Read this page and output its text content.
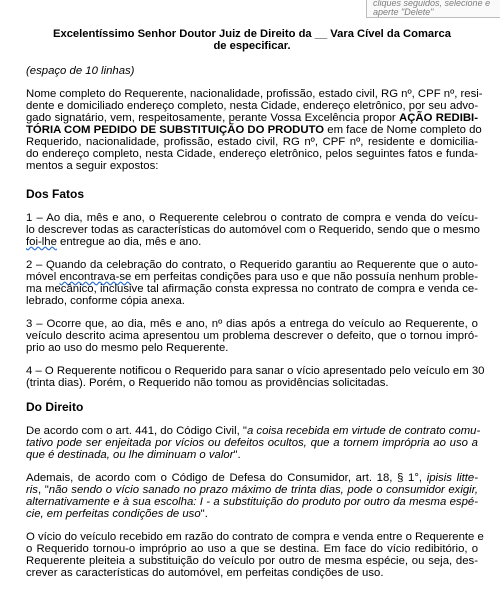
cliques seguidos, selecione e
aperte "Delete"
Excelentíssimo Senhor Doutor Juiz de Direito da __ Vara Cível da Comarca
de especificar.

(espaço de 10 linhas)

Nome completo do Requerente, nacionalidade, profissão, estado civil, RG nº, CPF nº, resi-
dente e domiciliado endereço completo, nesta Cidade, endereço eletrônico, por seu advo-
gado signatário, vem, respeitosamente, perante Vossa Excelência propor AÇÃO REDIBI-
TÓRIA COM PEDIDO DE SUBSTITUIÇÃO DO PRODUTO em face de Nome completo do
Requerido, nacionalidade, profissão, estado civil, RG nº, CPF nº, residente e domicilia-
do endereço completo, nesta Cidade, endereço eletrônico, pelos seguintes fatos e funda-
mentos a seguir expostos:

Dos Fatos

1 – Ao dia, mês e ano, o Requerente celebrou o contrato de compra e venda do veícu-
lo descrever todas as características do automóvel com o Requerido, sendo que o mesmo
foi-lhe entregue ao dia, mês e ano.

2 – Quando da celebração do contrato, o Requerido garantiu ao Requerente que o auto-
móvel encontrava-se em perfeitas condições para uso e que não possuía nenhum proble-
ma mecânico, inclusive tal afirmação consta expressa no contrato de compra e venda ce-
lebrado, conforme cópia anexa.

3 – Ocorre que, ao dia, mês e ano, nº dias após a entrega do veículo ao Requerente, o
veículo descrito acima apresentou um problema descrever o defeito, que o tornou impró-
prio ao uso do mesmo pelo Requerente.

4 – O Requerente notificou o Requerido para sanar o vício apresentado pelo veículo em 30
(trinta dias). Porém, o Requerido não tomou as providências solicitadas.

Do Direito

De acordo com o art. 441, do Código Civil, "a coisa recebida em virtude de contrato comu-
tativo pode ser enjeitada por vícios ou defeitos ocultos, que a tornem imprópria ao uso a
que é destinada, ou lhe diminuam o valor".

Ademais, de acordo com o Código de Defesa do Consumidor, art. 18, § 1°, ipisis litte-
ris, "não sendo o vício sanado no prazo máximo de trinta dias, pode o consumidor exigir,
alternativamente e à sua escolha: I - a substituição do produto por outro da mesma espé-
cie, em perfeitas condições de uso".

O vício do veículo recebido em razão do contrato de compra e venda entre o Requerente e
o Requerido tornou-o impróprio ao uso a que se destina. Em face do vício redibitório, o
Requerente pleiteia a substituição do veículo por outro de mesma espécie, ou seja, des-
crever as características do automóvel, em perfeitas condições de uso.
